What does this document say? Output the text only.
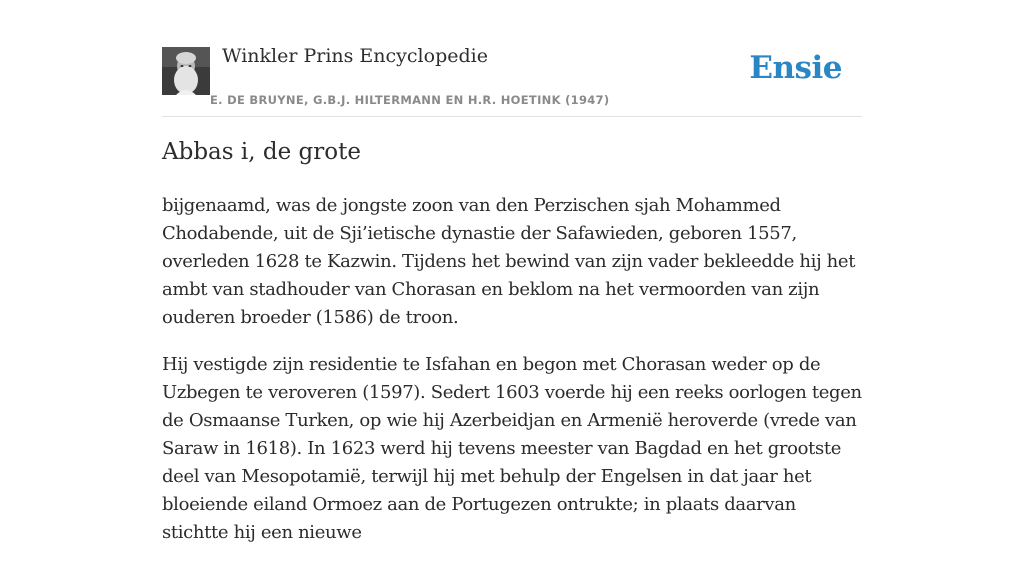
Winkler Prins Encyclopedie
E. DE BRUYNE, G.B.J. HILTERMANN EN H.R. HOETINK (1947)
Ensie
Abbas i, de grote

bijgenaamd, was de jongste zoon van den Perzischen sjah Mohammed Chodabende, uit de Sji’ietische dynastie der Safawieden, geboren 1557, overleden 1628 te Kazwin. Tijdens het bewind van zijn vader bekleedde hij het ambt van stadhouder van Chorasan en beklom na het vermoorden van zijn ouderen broeder (1586) de troon.

Hij vestigde zijn residentie te Isfahan en begon met Chorasan weder op de Uzbegen te veroveren (1597). Sedert 1603 voerde hij een reeks oorlogen tegen de Osmaanse Turken, op wie hij Azerbeidjan en Armenië heroverde (vrede van Saraw in 1618). In 1623 werd hij tevens meester van Bagdad en het grootste deel van Mesopotamië, terwijl hij met behulp der Engelsen in dat jaar het bloeiende eiland Ormoez aan de Portugezen ontrukte; in plaats daarvan stichtte hij een nieuwe
